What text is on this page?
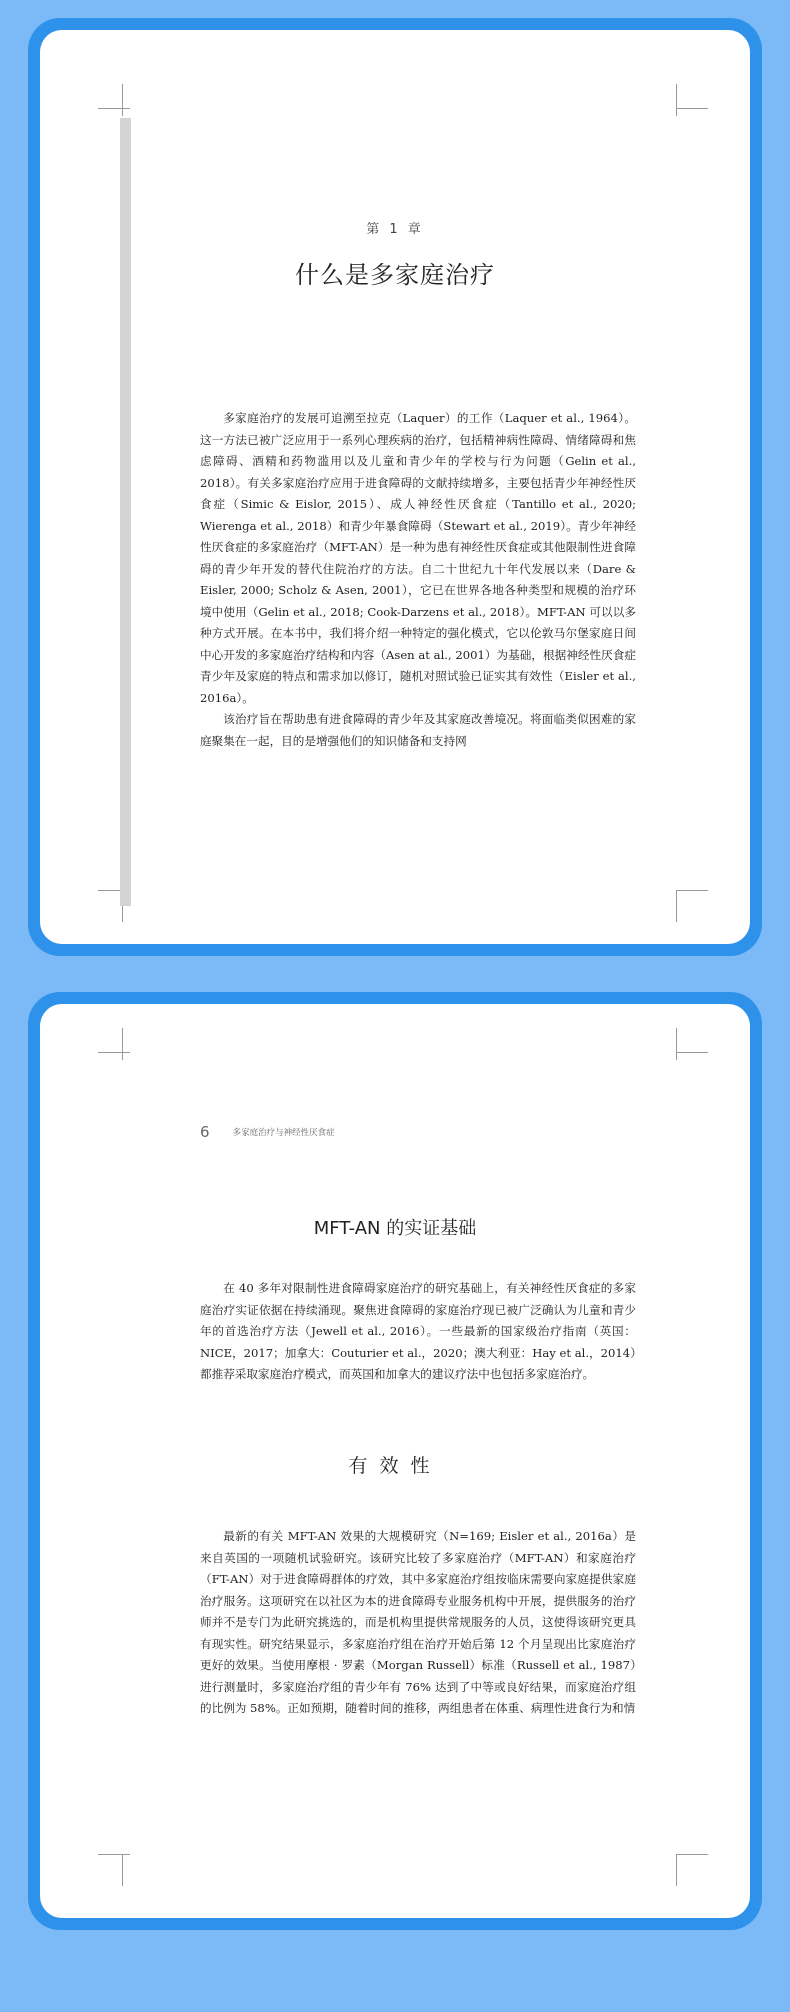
第 1 章
什么是多家庭治疗

多家庭治疗的发展可追溯至拉克（Laquer）的工作（Laquer et al., 1964）。这一方法已被广泛应用于一系列心理疾病的治疗，包括精神病性障碍、情绪障碍和焦虑障碍、酒精和药物滥用以及儿童和青少年的学校与行为问题（Gelin et al., 2018）。有关多家庭治疗应用于进食障碍的文献持续增多，主要包括青少年神经性厌食症（Simic & Eislor, 2015）、成人神经性厌食症（Tantillo et al., 2020; Wierenga et al., 2018）和青少年暴食障碍（Stewart et al., 2019）。青少年神经性厌食症的多家庭治疗（MFT-AN）是一种为患有神经性厌食症或其他限制性进食障碍的青少年开发的替代住院治疗的方法。自二十世纪九十年代发展以来（Dare & Eisler, 2000; Scholz & Asen, 2001），它已在世界各地各种类型和规模的治疗环境中使用（Gelin et al., 2018; Cook-Darzens et al., 2018）。MFT-AN 可以以多种方式开展。在本书中，我们将介绍一种特定的强化模式，它以伦敦马尔堡家庭日间中心开发的多家庭治疗结构和内容（Asen at al., 2001）为基础，根据神经性厌食症青少年及家庭的特点和需求加以修订，随机对照试验已证实其有效性（Eisler et al., 2016a）。

该治疗旨在帮助患有进食障碍的青少年及其家庭改善境况。将面临类似困难的家庭聚集在一起，目的是增强他们的知识储备和支持网

6	多家庭治疗与神经性厌食症
MFT-AN 的实证基础

在 40 多年对限制性进食障碍家庭治疗的研究基础上，有关神经性厌食症的多家庭治疗实证依据在持续涌现。聚焦进食障碍的家庭治疗现已被广泛确认为儿童和青少年的首选治疗方法（Jewell et al., 2016）。一些最新的国家级治疗指南（英国：NICE，2017；加拿大：Couturier et al.，2020；澳大利亚：Hay et al.，2014）都推荐采取家庭治疗模式，而英国和加拿大的建议疗法中也包括多家庭治疗。

有效性

最新的有关 MFT-AN 效果的大规模研究（N=169; Eisler et al., 2016a）是来自英国的一项随机试验研究。该研究比较了多家庭治疗（MFT-AN）和家庭治疗（FT-AN）对于进食障碍群体的疗效，其中多家庭治疗组按临床需要向家庭提供家庭治疗服务。这项研究在以社区为本的进食障碍专业服务机构中开展，提供服务的治疗师并不是专门为此研究挑选的，而是机构里提供常规服务的人员，这使得该研究更具有现实性。研究结果显示，多家庭治疗组在治疗开始后第 12 个月呈现出比家庭治疗更好的效果。当使用摩根 · 罗素（Morgan Russell）标准（Russell et al., 1987）进行测量时，多家庭治疗组的青少年有 76% 达到了中等或良好结果，而家庭治疗组的比例为 58%。正如预期，随着时间的推移，两组患者在体重、病理性进食行为和情
